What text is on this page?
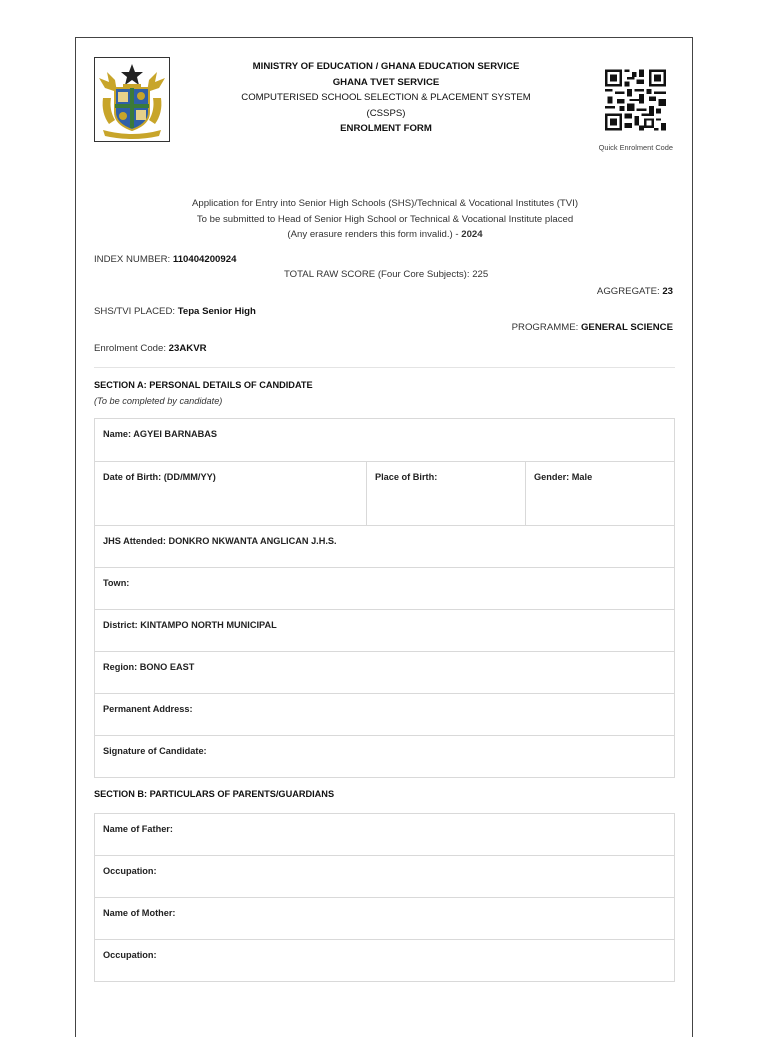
MINISTRY OF EDUCATION / GHANA EDUCATION SERVICE
GHANA TVET SERVICE
COMPUTERISED SCHOOL SELECTION & PLACEMENT SYSTEM
(CSSPS)
ENROLMENT FORM
Quick Enrolment Code
Application for Entry into Senior High Schools (SHS)/Technical & Vocational Institutes (TVI)
To be submitted to Head of Senior High School or Technical & Vocational Institute placed
(Any erasure renders this form invalid.) - 2024
INDEX NUMBER: 110404200924
TOTAL RAW SCORE (Four Core Subjects): 225
AGGREGATE: 23
SHS/TVI PLACED: Tepa Senior High
PROGRAMME: GENERAL SCIENCE
Enrolment Code: 23AKVR
SECTION A: PERSONAL DETAILS OF CANDIDATE
(To be completed by candidate)
Name: AGYEI BARNABAS
Date of Birth: (DD/MM/YY)	Place of Birth:	Gender: Male
JHS Attended: DONKRO NKWANTA ANGLICAN J.H.S.
Town:
District: KINTAMPO NORTH MUNICIPAL
Region: BONO EAST
Permanent Address:
Signature of Candidate:
SECTION B: PARTICULARS OF PARENTS/GUARDIANS
Name of Father:
Occupation:
Name of Mother:
Occupation:
